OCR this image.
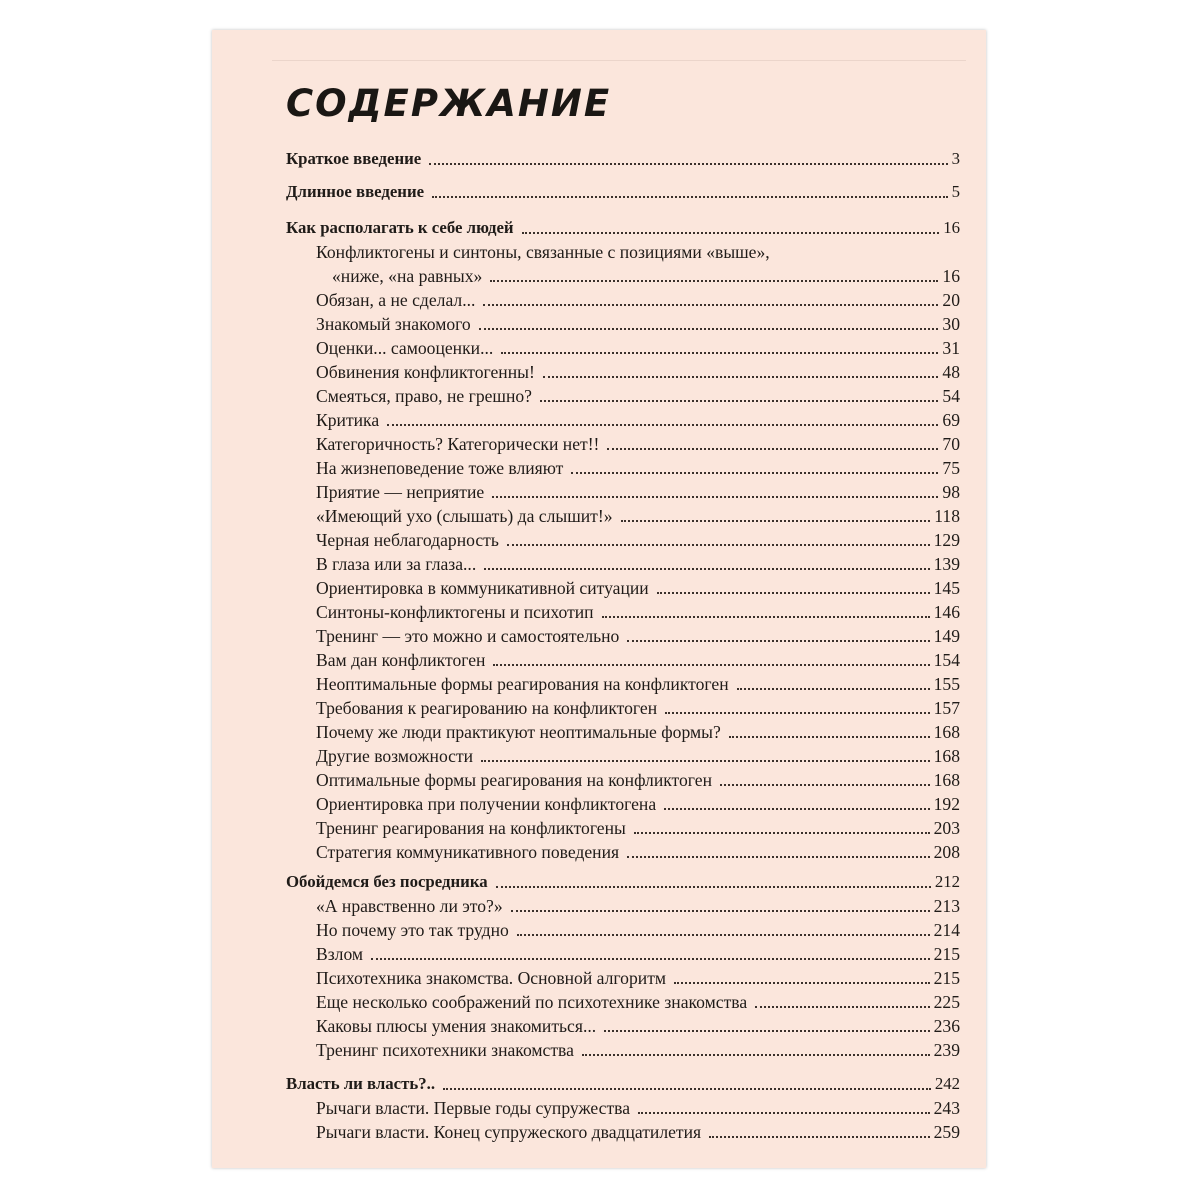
СОДЕРЖАНИЕ
Краткое введение	3
Длинное введение	5
Как располагать к себе людей	16
Конфликтогены и синтоны, связанные с позициями «выше»,
«ниже, «на равных»	16
Обязан, а не сделал...	20
Знакомый знакомого	30
Оценки... самооценки...	31
Обвинения конфликтогенны!	48
Смеяться, право, не грешно?	54
Критика	69
Категоричность? Категорически нет!!	70
На жизнеповедение тоже влияют	75
Приятие — неприятие	98
«Имеющий ухо (слышать) да слышит!»	118
Черная неблагодарность	129
В глаза или за глаза...	139
Ориентировка в коммуникативной ситуации	145
Синтоны-конфликтогены и психотип	146
Тренинг — это можно и самостоятельно	149
Вам дан конфликтоген	154
Неоптимальные формы реагирования на конфликтоген	155
Требования к реагированию на конфликтоген	157
Почему же люди практикуют неоптимальные формы?	168
Другие возможности	168
Оптимальные формы реагирования на конфликтоген	168
Ориентировка при получении конфликтогена	192
Тренинг реагирования на конфликтогены	203
Стратегия коммуникативного поведения	208
Обойдемся без посредника	212
«А нравственно ли это?»	213
Но почему это так трудно	214
Взлом	215
Психотехника знакомства. Основной алгоритм	215
Еще несколько соображений по психотехнике знакомства	225
Каковы плюсы умения знакомиться...	236
Тренинг психотехники знакомства	239
Власть ли власть?..	242
Рычаги власти. Первые годы супружества	243
Рычаги власти. Конец супружеского двадцатилетия	259
